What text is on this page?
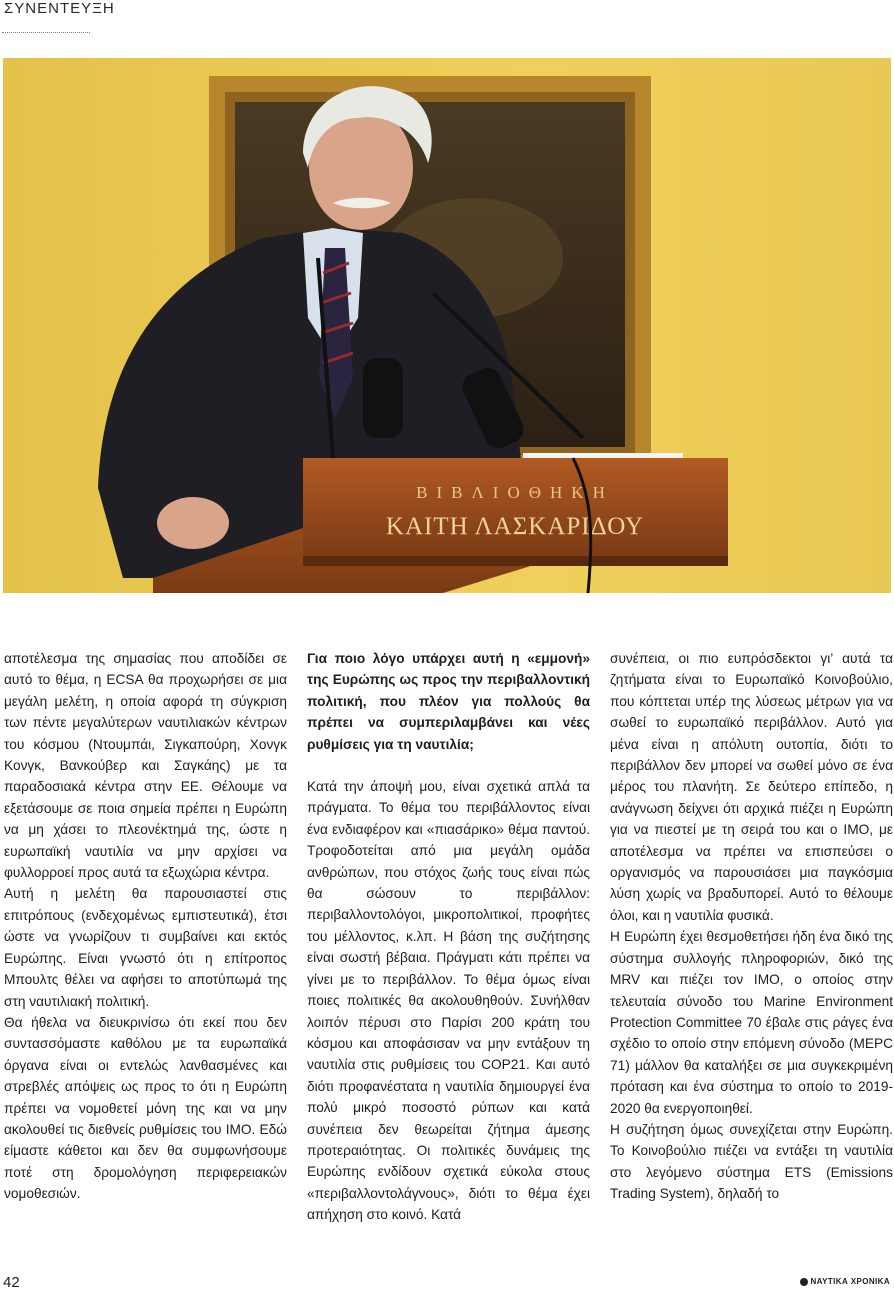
ΣΥΝΕΝΤΕΥΞΗ
ΒΙΒΛΙΟΘΗΚΗ
ΚΑΙΤΗ ΛΑΣΚΑΡΙΔΟΥ

αποτέλεσμα της σημασίας που αποδίδει σε αυτό το θέμα, η ECSA θα προχωρήσει σε μια μεγάλη μελέτη, η οποία αφορά τη σύγκριση των πέντε μεγαλύτερων ναυτιλιακών κέντρων του κόσμου (Ντουμπάι, Σιγκαπούρη, Χονγκ Κονγκ, Βανκούβερ και Σαγκάης) με τα παραδοσιακά κέντρα στην ΕΕ. Θέλουμε να εξετάσουμε σε ποια σημεία πρέπει η Ευρώπη να μη χάσει το πλεονέκτημά της, ώστε η ευρωπαϊκή ναυτιλία να μην αρχίσει να φυλλορροεί προς αυτά τα εξωχώρια κέντρα.

Αυτή η μελέτη θα παρουσιαστεί στις επιτρόπους (ενδεχομένως εμπιστευτικά), έτσι ώστε να γνωρίζουν τι συμβαίνει και εκτός Ευρώπης. Είναι γνωστό ότι η επίτροπος Μπουλτς θέλει να αφήσει το αποτύπωμά της στη ναυτιλιακή πολιτική.

Θα ήθελα να διευκρινίσω ότι εκεί που δεν συντασσόμαστε καθόλου με τα ευρωπαϊκά όργανα είναι οι εντελώς λανθασμένες και στρεβλές απόψεις ως προς το ότι η Ευρώπη πρέπει να νομοθετεί μόνη της και να μην ακολουθεί τις διεθνείς ρυθμίσεις του IMO. Εδώ είμαστε κάθετοι και δεν θα συμφωνήσουμε ποτέ στη δρομολόγηση περιφερειακών νομοθεσιών.

Για ποιο λόγο υπάρχει αυτή η «εμμονή» της Ευρώπης ως προς την περιβαλλοντική πολιτική, που πλέον για πολλούς θα πρέπει να συμπεριλαμβάνει και νέες ρυθμίσεις για τη ναυτιλία;

Κατά την άποψή μου, είναι σχετικά απλά τα πράγματα. Το θέμα του περιβάλλοντος είναι ένα ενδιαφέρον και «πιασάρικο» θέμα παντού. Τροφοδοτείται από μια μεγάλη ομάδα ανθρώπων, που στόχος ζωής τους είναι πώς θα σώσουν το περιβάλλον: περιβαλλοντολόγοι, μικροπολιτικοί, προφήτες του μέλλοντος, κ.λπ. Η βάση της συζήτησης είναι σωστή βέβαια. Πράγματι κάτι πρέπει να γίνει με το περιβάλλον. Το θέμα όμως είναι ποιες πολιτικές θα ακολουθηθούν. Συνήλθαν λοιπόν πέρυσι στο Παρίσι 200 κράτη του κόσμου και αποφάσισαν να μην εντάξουν τη ναυτιλία στις ρυθμίσεις του COP21. Και αυτό διότι προφανέστατα η ναυτιλία δημιουργεί ένα πολύ μικρό ποσοστό ρύπων και κατά συνέπεια δεν θεωρείται ζήτημα άμεσης προτεραιότητας. Οι πολιτικές δυνάμεις της Ευρώπης ενδίδουν σχετικά εύκολα στους «περιβαλλοντολάγνους», διότι το θέμα έχει απήχηση στο κοινό. Κατά

συνέπεια, οι πιο ευπρόσδεκτοι γι’ αυτά τα ζητήματα είναι το Ευρωπαϊκό Κοινοβούλιο, που κόπτεται υπέρ της λύσεως μέτρων για να σωθεί το ευρωπαϊκό περιβάλλον. Αυτό για μένα είναι η απόλυτη ουτοπία, διότι το περιβάλλον δεν μπορεί να σωθεί μόνο σε ένα μέρος του πλανήτη. Σε δεύτερο επίπεδο, η ανάγνωση δείχνει ότι αρχικά πιέζει η Ευρώπη για να πιεστεί με τη σειρά του και ο IMO, με αποτέλεσμα να πρέπει να επισπεύσει ο οργανισμός να παρουσιάσει μια παγκόσμια λύση χωρίς να βραδυπορεί. Αυτό το θέλουμε όλοι, και η ναυτιλία φυσικά.

Η Ευρώπη έχει θεσμοθετήσει ήδη ένα δικό της σύστημα συλλογής πληροφοριών, δικό της MRV και πιέζει τον IMO, ο οποίος στην τελευταία σύνοδο του Marine Environment Protection Committee 70 έβαλε στις ράγες ένα σχέδιο το οποίο στην επόμενη σύνοδο (MEPC 71) μάλλον θα καταλήξει σε μια συγκεκριμένη πρόταση και ένα σύστημα το οποίο το 2019-2020 θα ενεργοποιηθεί.

Η συζήτηση όμως συνεχίζεται στην Ευρώπη. Το Κοινοβούλιο πιέζει να εντάξει τη ναυτιλία στο λεγόμενο σύστημα ETS (Emissions Trading System), δηλαδή το

42	ΝΑΥΤΙΚΑ ΧΡΟΝΙΚΑ
